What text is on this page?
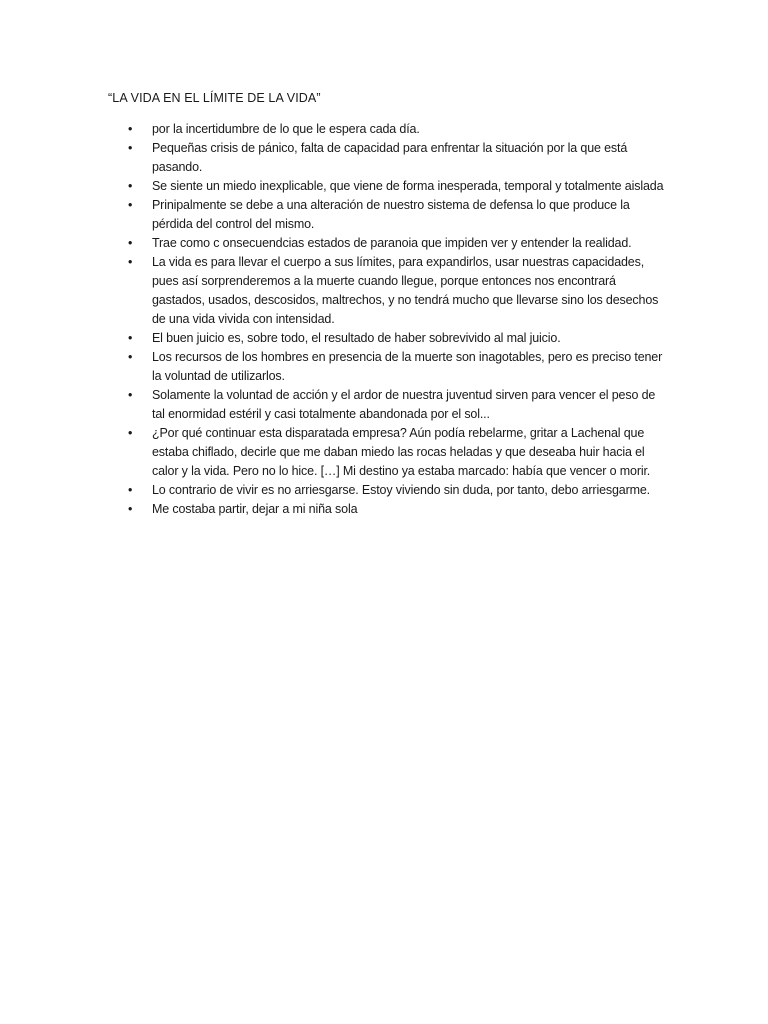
“LA VIDA EN EL LÍMITE DE LA VIDA”
• por la incertidumbre de lo que le espera cada día.
• Pequeñas crisis de pánico, falta de capacidad para enfrentar la situación por la que está pasando.
• Se siente un miedo inexplicable, que viene de forma inesperada, temporal y totalmente aislada
• Prinipalmente se debe a una alteración de nuestro sistema de defensa lo que produce la pérdida del control del mismo.
• Trae como c onsecuendcias estados de paranoia que impiden ver y entender la realidad.
• La vida es para llevar el cuerpo a sus límites, para expandirlos, usar nuestras capacidades, pues así sorprenderemos a la muerte cuando llegue, porque entonces nos encontrará gastados, usados, descosidos, maltrechos, y no tendrá mucho que llevarse sino los desechos de una vida vivida con intensidad.
• El buen juicio es, sobre todo, el resultado de haber sobrevivido al mal juicio.
• Los recursos de los hombres en presencia de la muerte son inagotables, pero es preciso tener la voluntad de utilizarlos.
• Solamente la voluntad de acción y el ardor de nuestra juventud sirven para vencer el peso de tal enormidad estéril y casi totalmente abandonada por el sol...
• ¿Por qué continuar esta disparatada empresa? Aún podía rebelarme, gritar a Lachenal que estaba chiflado, decirle que me daban miedo las rocas heladas y que deseaba huir hacia el calor y la vida. Pero no lo hice. […] Mi destino ya estaba marcado: había que vencer o morir.
• Lo contrario de vivir es no arriesgarse. Estoy viviendo sin duda, por tanto, debo arriesgarme.
• Me costaba partir, dejar a mi niña sola
